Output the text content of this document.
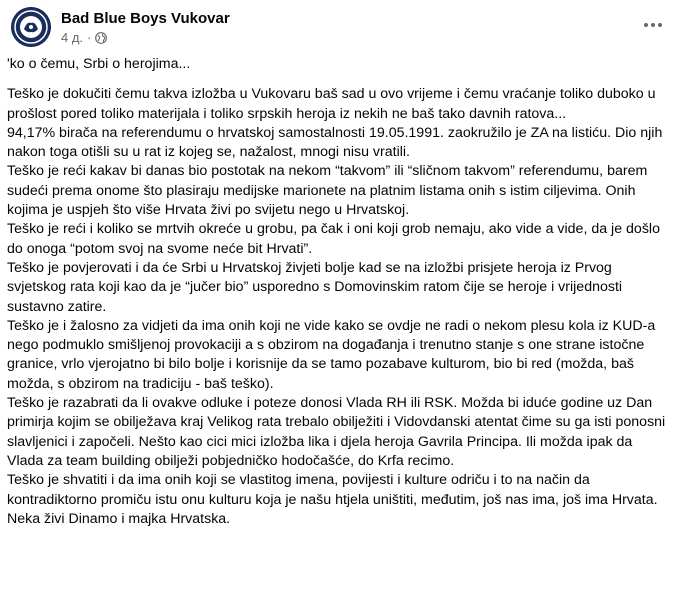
Bad Blue Boys Vukovar
4 д. ·

'ko o čemu, Srbi o herojima...

Teško je dokučiti čemu takva izložba u Vukovaru baš sad u ovo vrijeme i čemu vraćanje toliko duboko u prošlost pored toliko materijala i toliko srpskih heroja iz nekih ne baš tako davnih ratova...

94,17% birača na referendumu o hrvatskoj samostalnosti 19.05.1991. zaokružilo je ZA na listiću. Dio njih nakon toga otišli su u rat iz kojeg se, nažalost, mnogi nisu vratili.

Teško je reći kakav bi danas bio postotak na nekom “takvom” ili “sličnom takvom” referendumu, barem sudeći prema onome što plasiraju medijske marionete na platnim listama onih s istim ciljevima. Onih kojima je uspjeh što više Hrvata živi po svijetu nego u Hrvatskoj.

Teško je reći i koliko se mrtvih okreće u grobu, pa čak i oni koji grob nemaju, ako vide a vide, da je došlo do onoga “potom svoj na svome neće bit Hrvati”.

Teško je povjerovati i da će Srbi u Hrvatskoj živjeti bolje kad se na izložbi prisjete heroja iz Prvog svjetskog rata koji kao da je “jučer bio” usporedno s Domovinskim ratom čije se heroje i vrijednosti sustavno zatire.

Teško je i žalosno za vidjeti da ima onih koji ne vide kako se ovdje ne radi o nekom plesu kola iz KUD-a nego podmuklo smišljenoj provokaciji a s obzirom na događanja i trenutno stanje s one strane istočne granice, vrlo vjerojatno bi bilo bolje i korisnije da se tamo pozabave kulturom, bio bi red (možda, baš možda, s obzirom na tradiciju - baš teško).

Teško je razabrati da li ovakve odluke i poteze donosi Vlada RH ili RSK. Možda bi iduće godine uz Dan primirja kojim se obilježava kraj Velikog rata trebalo obilježiti i Vidovdanski atentat čime su ga isti ponosni slavljenici i započeli. Nešto kao cici mici izložba lika i djela heroja Gavrila Principa. Ili možda ipak da Vlada za team building obilježi pobjedničko hodočašće, do Krfa recimo.

Teško je shvatiti i da ima onih koji se vlastitog imena, povijesti i kulture odriču i to na način da kontradiktorno promiču istu onu kulturu koja je našu htjela uništiti, međutim, još nas ima, još ima Hrvata.

Neka živi Dinamo i majka Hrvatska.
